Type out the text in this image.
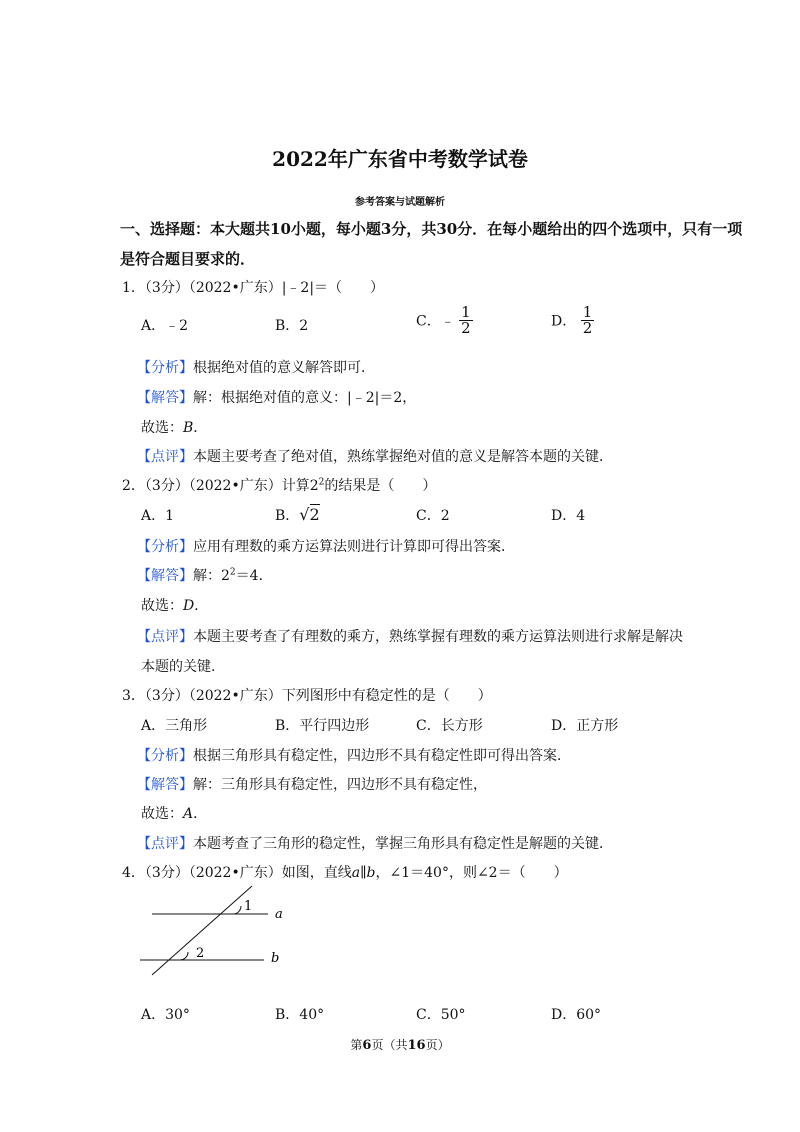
2022年广东省中考数学试卷
参考答案与试题解析
一、选择题：本大题共10小题，每小题3分，共30分．在每小题给出的四个选项中，只有一项
是符合题目要求的．
1．（3分）（2022•广东）|﹣2|＝（　　）
A．﹣2	B．2	C．﹣ $\frac{1}{2}$	D． $\frac{1}{2}$
【分析】根据绝对值的意义解答即可．
【解答】解：根据绝对值的意义：|﹣2|＝2，
故选：B．
【点评】本题主要考查了绝对值，熟练掌握绝对值的意义是解答本题的关键．
2．（3分）（2022•广东）计算$2^2$的结果是（　　）
A．1	B．√2	C．2	D．4
【分析】应用有理数的乘方运算法则进行计算即可得出答案．
【解答】解：$2^2=4$．
故选：D．
【点评】本题主要考查了有理数的乘方，熟练掌握有理数的乘方运算法则进行求解是解决
本题的关键．
3．（3分）（2022•广东）下列图形中有稳定性的是（　　）
A．三角形	B．平行四边形	C．长方形	D．正方形
【分析】根据三角形具有稳定性，四边形不具有稳定性即可得出答案．
【解答】解：三角形具有稳定性，四边形不具有稳定性，
故选：A．
【点评】本题考查了三角形的稳定性，掌握三角形具有稳定性是解题的关键．
4．（3分）（2022•广东）如图，直线a∥b，∠1＝40°，则∠2＝（　　）
1
2
a
b
A．30°	B．40°	C．50°	D．60°
第6页（共16页）
